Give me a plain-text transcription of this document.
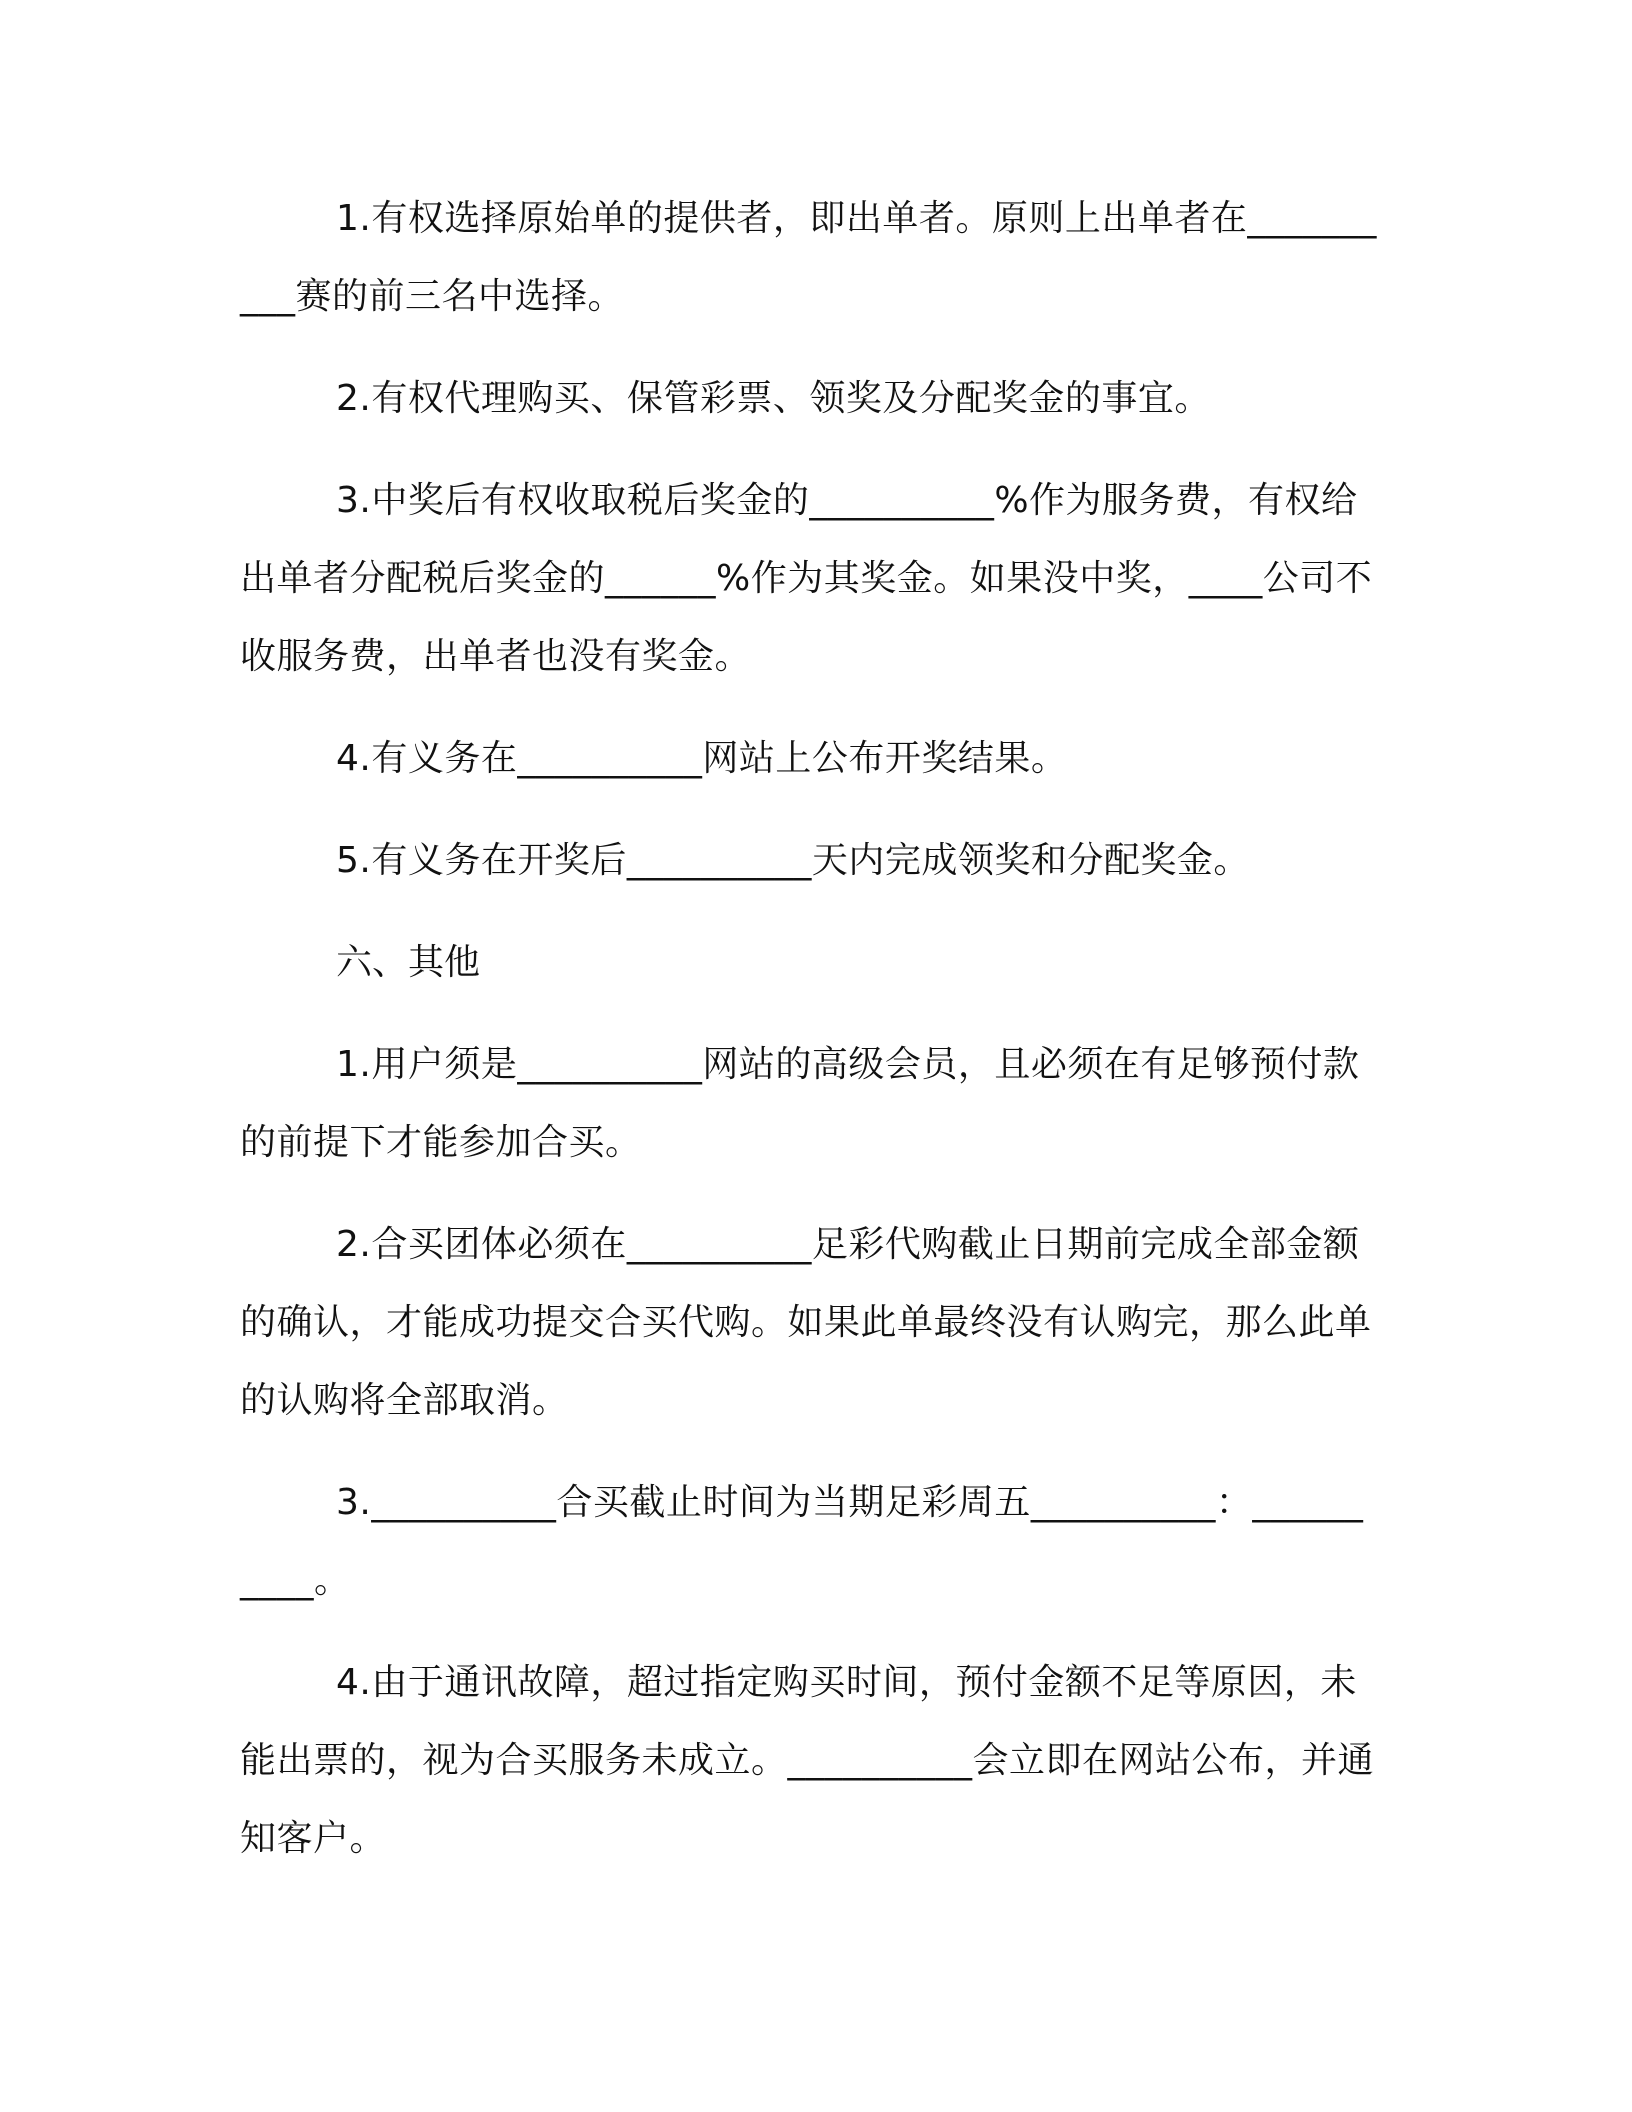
1.有权选择原始单的提供者，即出单者。原则上出单者在__________赛的前三名中选择。

2.有权代理购买、保管彩票、领奖及分配奖金的事宜。

3.中奖后有权收取税后奖金的__________%作为服务费，有权给出单者分配税后奖金的______%作为其奖金。如果没中奖，____公司不收服务费，出单者也没有奖金。

4.有义务在__________网站上公布开奖结果。

5.有义务在开奖后__________天内完成领奖和分配奖金。

六、其他

1.用户须是__________网站的高级会员，且必须在有足够预付款的前提下才能参加合买。

2.合买团体必须在__________足彩代购截止日期前完成全部金额的确认，才能成功提交合买代购。如果此单最终没有认购完，那么此单的认购将全部取消。

3.__________合买截止时间为当期足彩周五__________：__________。

4.由于通讯故障，超过指定购买时间，预付金额不足等原因，未能出票的，视为合买服务未成立。__________会立即在网站公布，并通知客户。
